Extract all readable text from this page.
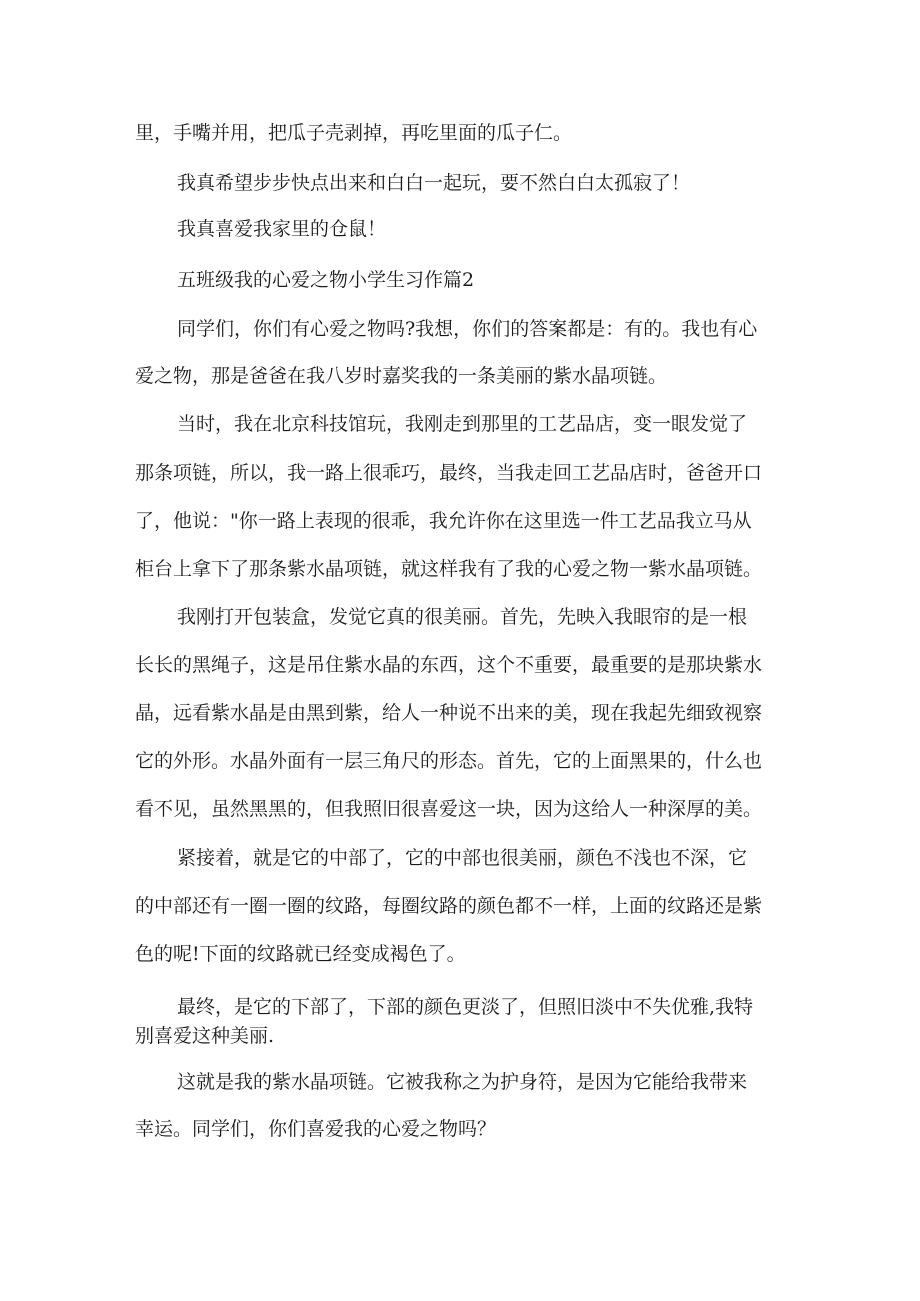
里，手嘴并用，把瓜子壳剥掉，再吃里面的瓜子仁。
我真希望步步快点出来和白白一起玩，要不然白白太孤寂了！
我真喜爱我家里的仓鼠！
五班级我的心爱之物小学生习作篇2
同学们，你们有心爱之物吗?我想，你们的答案都是：有的。我也有心
爱之物，那是爸爸在我八岁时嘉奖我的一条美丽的紫水晶项链。
当时，我在北京科技馆玩，我刚走到那里的工艺品店，变一眼发觉了
那条项链，所以，我一路上很乖巧，最终，当我走回工艺品店时，爸爸开口
了，他说："你一路上表现的很乖，我允许你在这里选一件工艺品我立马从
柜台上拿下了那条紫水晶项链，就这样我有了我的心爱之物一紫水晶项链。
我刚打开包装盒，发觉它真的很美丽。首先，先映入我眼帘的是一根
长长的黑绳子，这是吊住紫水晶的东西，这个不重要，最重要的是那块紫水
晶，远看紫水晶是由黑到紫，给人一种说不出来的美，现在我起先细致视察
它的外形。水晶外面有一层三角尺的形态。首先，它的上面黑果的，什么也
看不见，虽然黑黑的，但我照旧很喜爱这一块，因为这给人一种深厚的美。
紧接着，就是它的中部了，它的中部也很美丽，颜色不浅也不深，它
的中部还有一圈一圈的纹路，每圈纹路的颜色都不一样，上面的纹路还是紫
色的呢!下面的纹路就已经变成褐色了。
最终，是它的下部了，下部的颜色更淡了，但照旧淡中不失优雅,我特
别喜爱这种美丽.
这就是我的紫水晶项链。它被我称之为护身符，是因为它能给我带来
幸运。同学们，你们喜爱我的心爱之物吗？
